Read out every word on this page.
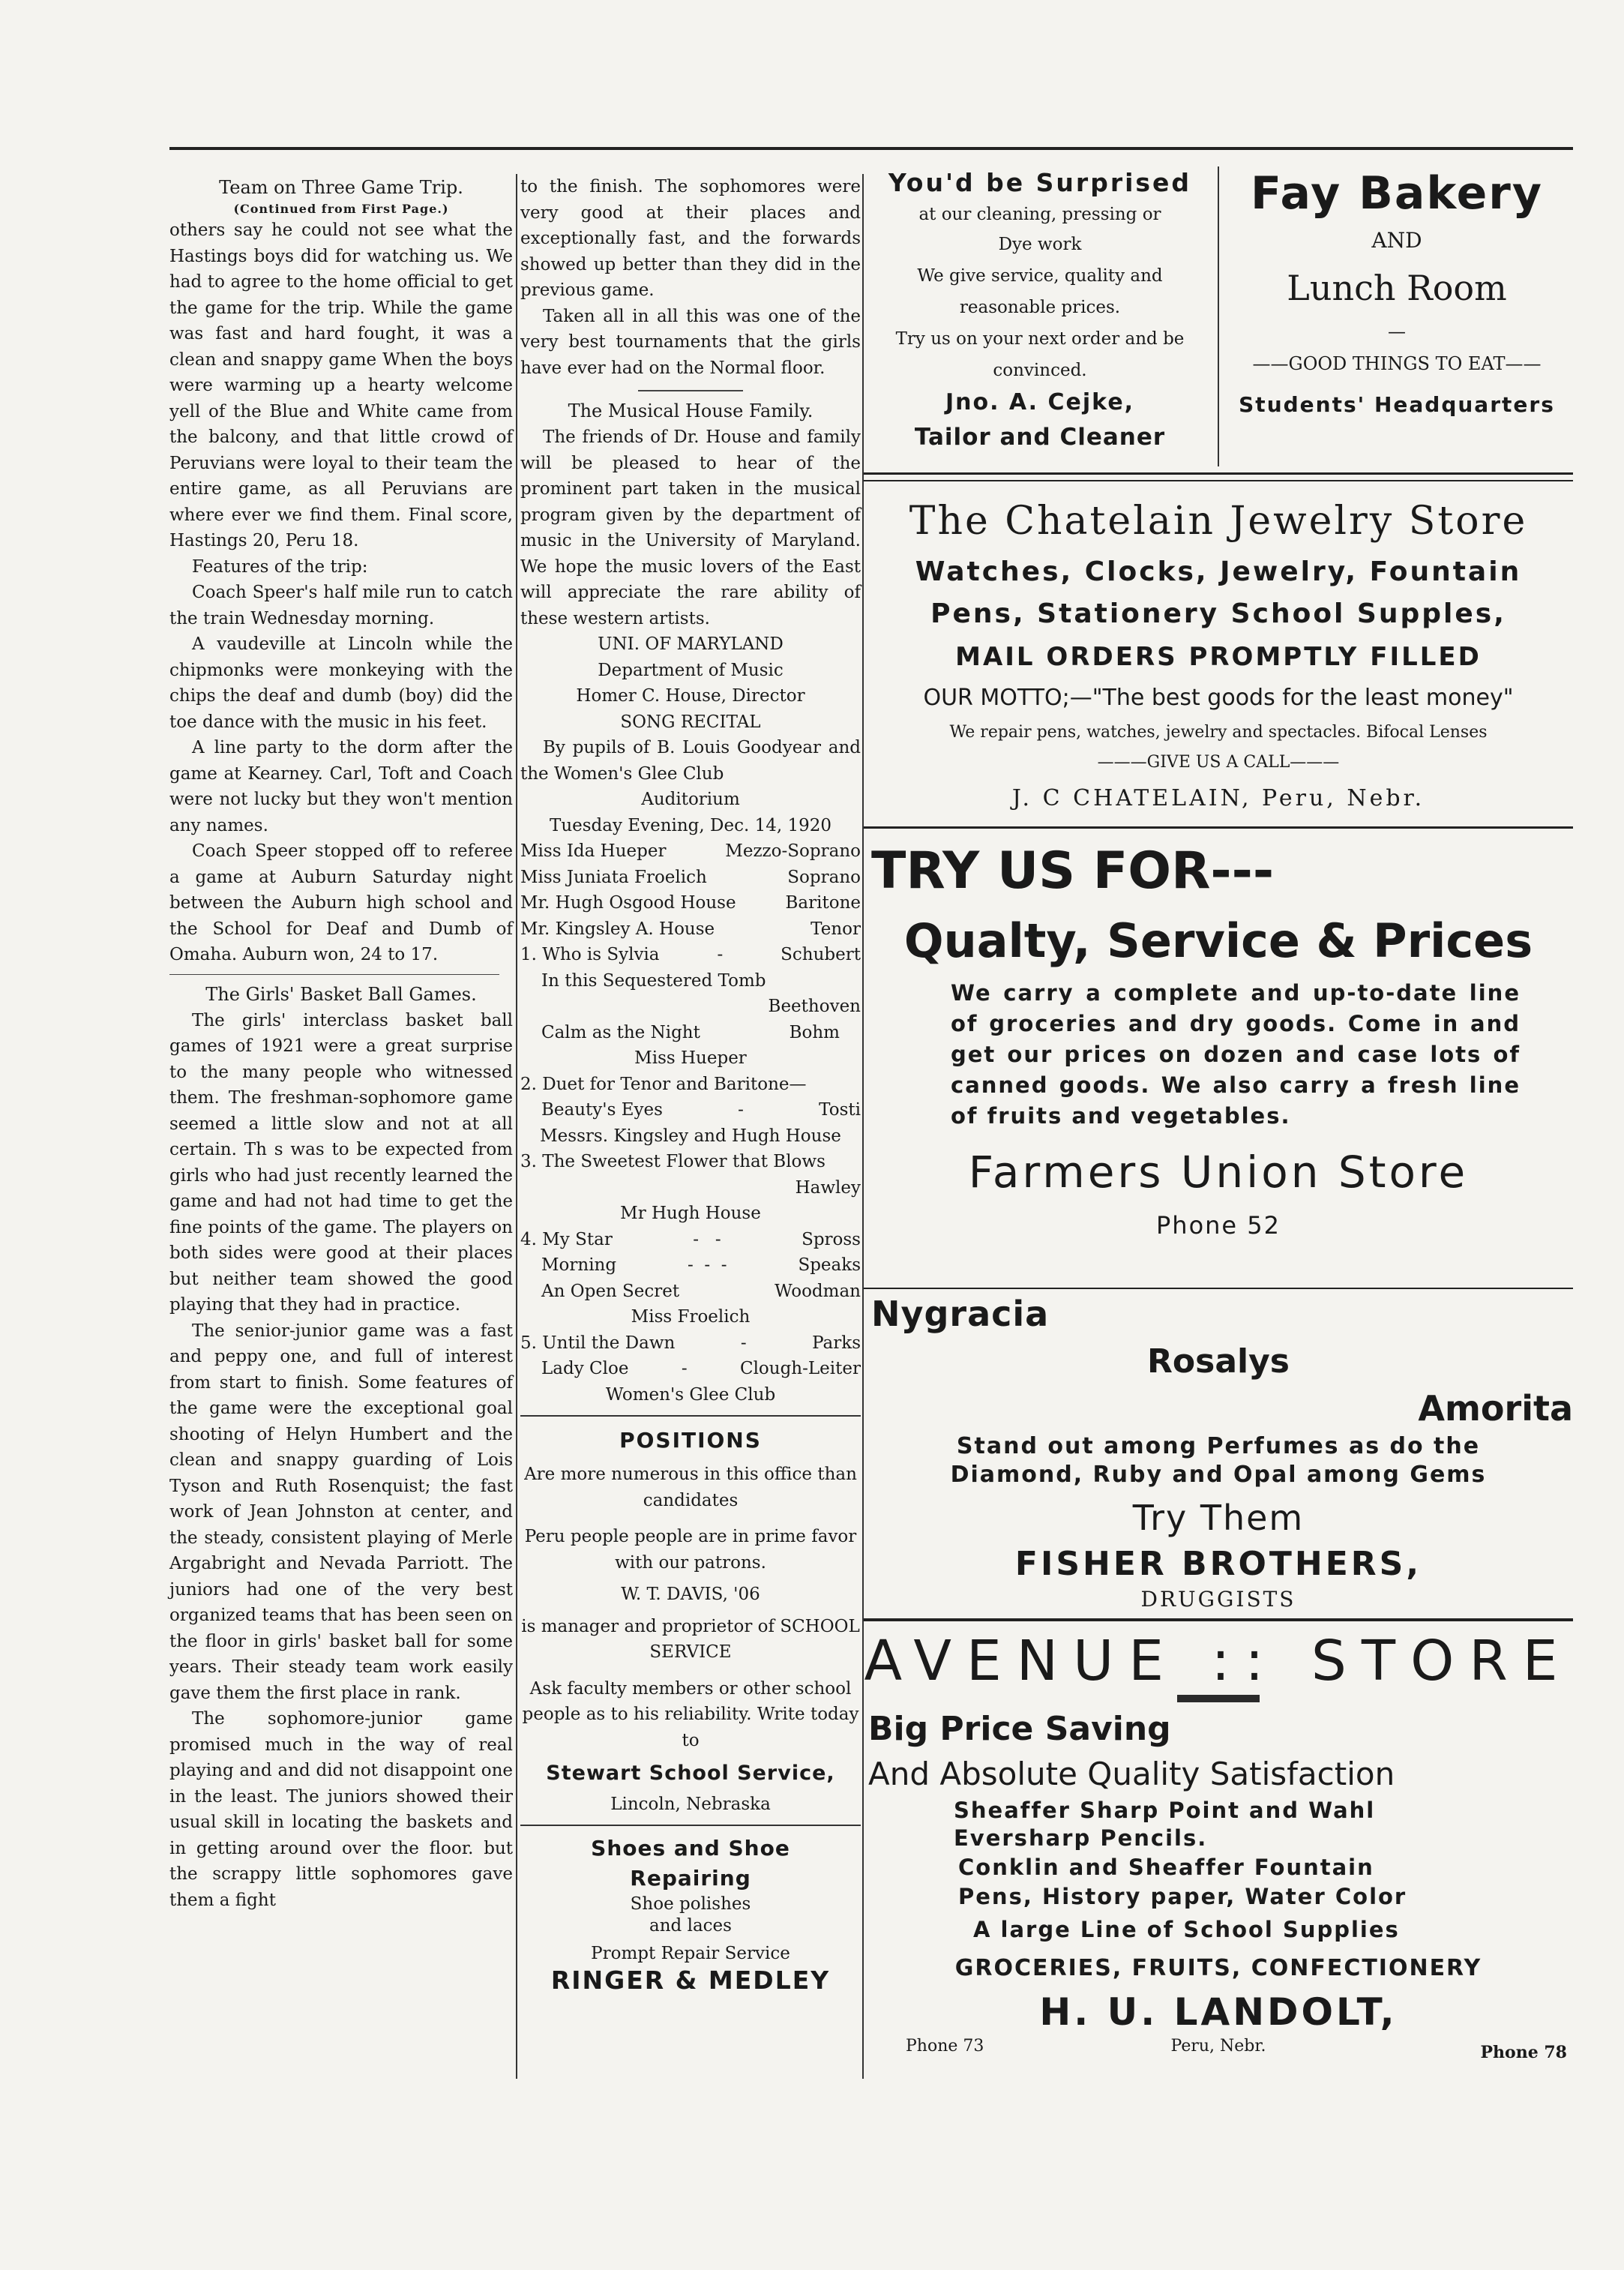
Team on Three Game Trip.
(Continued from First Page.)

others say he could not see what the Hastings boys did for watching us. We had to agree to the home official to get the game for the trip. While the game was fast and hard fought, it was a clean and snappy game When the boys were warming up a hearty welcome yell of the Blue and White came from the balcony, and that little crowd of Peruvians were loyal to their team the entire game, as all Peruvians are where ever we find them. Final score, Hastings 20, Peru 18.

Features of the trip:

Coach Speer's half mile run to catch the train Wednesday morning.

A vaudeville at Lincoln while the chipmonks were monkeying with the chips the deaf and dumb (boy) did the toe dance with the music in his feet.

A line party to the dorm after the game at Kearney. Carl, Toft and Coach were not lucky but they won't mention any names.

Coach Speer stopped off to referee a game at Auburn Saturday night between the Auburn high school and the School for Deaf and Dumb of Omaha. Auburn won, 24 to 17.

The Girls' Basket Ball Games.

The girls' interclass basket ball games of 1921 were a great surprise to the many people who witnessed them. The freshman-sophomore game seemed a little slow and not at all certain. Th s was to be expected from girls who had just recently learned the game and had not had time to get the fine points of the game. The players on both sides were good at their places but neither team showed the good playing that they had in practice.

The senior-junior game was a fast and peppy one, and full of interest from start to finish. Some features of the game were the exceptional goal shooting of Helyn Humbert and the clean and snappy guarding of Lois Tyson and Ruth Rosenquist; the fast work of Jean Johnston at center, and the steady, consistent playing of Merle Argabright and Nevada Parriott. The juniors had one of the very best organized teams that has been seen on the floor in girls' basket ball for some years. Their steady team work easily gave them the first place in rank.

The sophomore-junior game promised much in the way of real playing and and did not disappoint one in the least. The juniors showed their usual skill in locating the baskets and in getting around over the floor. but the scrappy little sophomores gave them a fight

to the finish. The sophomores were very good at their places and exceptionally fast, and the forwards showed up better than they did in the previous game.

Taken all in all this was one of the very best tournaments that the girls have ever had on the Normal floor.

The Musical House Family.

The friends of Dr. House and family will be pleased to hear of the prominent part taken in the musical program given by the department of music in the University of Maryland. We hope the music lovers of the East will appreciate the rare ability of these western artists.

UNI. OF MARYLAND
Department of Music
Homer C. House, Director
SONG RECITAL

By pupils of B. Louis Goodyear and the Women's Glee Club

Auditorium
Tuesday Evening, Dec. 14, 1920
Miss Ida Hueper	Mezzo-Soprano
Miss Juniata Froelich	Soprano
Mr. Hugh Osgood House	Baritone
Mr. Kingsley A. House	Tenor
1. Who is Sylvia	-	Schubert
In this Sequestered Tomb
Beethoven
Calm as the Night	Bohm
Miss Hueper
2. Duet for Tenor and Baritone—
Beauty's Eyes	-	Tosti
Messrs. Kingsley and Hugh House
3. The Sweetest Flower that Blows
Hawley
Mr Hugh House
4. My Star	-   -	Spross
Morning	-  -  -	Speaks
An Open Secret	Woodman
Miss Froelich
5. Until the Dawn	-	Parks
Lady Cloe	-	Clough-Leiter
Women's Glee Club
POSITIONS
Are more numerous in this office than candidates
Peru people people are in prime favor with our patrons.
W. T. DAVIS, '06
is manager and proprietor of SCHOOL SERVICE
Ask faculty members or other school people as to his reliability. Write today to
Stewart School Service,
Lincoln, Nebraska
Shoes and Shoe
Repairing
Shoe polishes
and laces
Prompt Repair Service
RINGER & MEDLEY
You'd be Surprised
at our cleaning, pressing or
Dye work
We give service, quality and
reasonable prices.
Try us on your next order and be
convinced.
Jno. A. Cejke,
Tailor and Cleaner
Fay Bakery
AND
Lunch Room
—
——GOOD THINGS TO EAT——
Students' Headquarters
The Chatelain Jewelry Store
Watches, Clocks, Jewelry, Fountain
Pens, Stationery School Supples,
MAIL ORDERS PROMPTLY FILLED
OUR MOTTO;—"The best goods for the least money"
We repair pens, watches, jewelry and spectacles. Bifocal Lenses
———GIVE US A CALL———
J. C CHATELAIN, Peru, Nebr.
TRY US FOR---
Qualty, Service & Prices
We carry a complete and up-to-date line of groceries and dry goods. Come in and get our prices on dozen and case lots of canned goods. We also carry a fresh line of fruits and vegetables.
Farmers Union Store
Phone 52
Nygracia
Rosalys
Amorita
Stand out among Perfumes as do the
Diamond, Ruby and Opal among Gems
Try Them
FISHER BROTHERS,
DRUGGISTS
AVENUE :: STORE
Big Price Saving
And Absolute Quality Satisfaction
Sheaffer Sharp Point and Wahl
Eversharp Pencils.
Conklin and Sheaffer Fountain
Pens, History paper, Water Color
A large Line of School Supplies
GROCERIES, FRUITS, CONFECTIONERY
H. U. LANDOLT,
Phone 73	Peru, Nebr.	Phone 78
